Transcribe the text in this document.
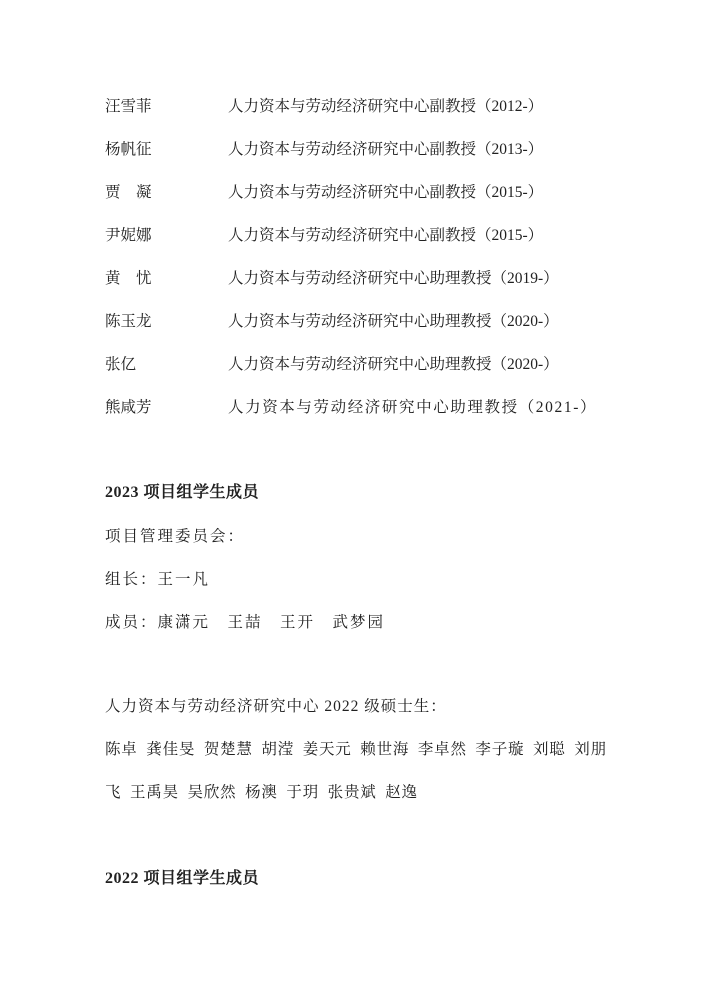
汪雪菲	人力资本与劳动经济研究中心副教授（2012-）
杨帆征	人力资本与劳动经济研究中心副教授（2013-）
贾　凝	人力资本与劳动经济研究中心副教授（2015-）
尹妮娜	人力资本与劳动经济研究中心副教授（2015-）
黄　忧	人力资本与劳动经济研究中心助理教授（2019-）
陈玉龙	人力资本与劳动经济研究中心助理教授（2020-）
张亿	人力资本与劳动经济研究中心助理教授（2020-）
熊咸芳	人力资本与劳动经济研究中心助理教授（2021-）
2023 项目组学生成员
项目管理委员会：
组长：王一凡
成员：康潇元　王喆　王开　武梦园
人力资本与劳动经济研究中心 2022 级硕士生：
陈卓 龚佳旻 贺楚慧 胡滢 姜天元 赖世海 李卓然 李子璇 刘聪 刘朋
飞 王禹昊 吴欣然 杨澳 于玥 张贵斌 赵逸
2022 项目组学生成员
